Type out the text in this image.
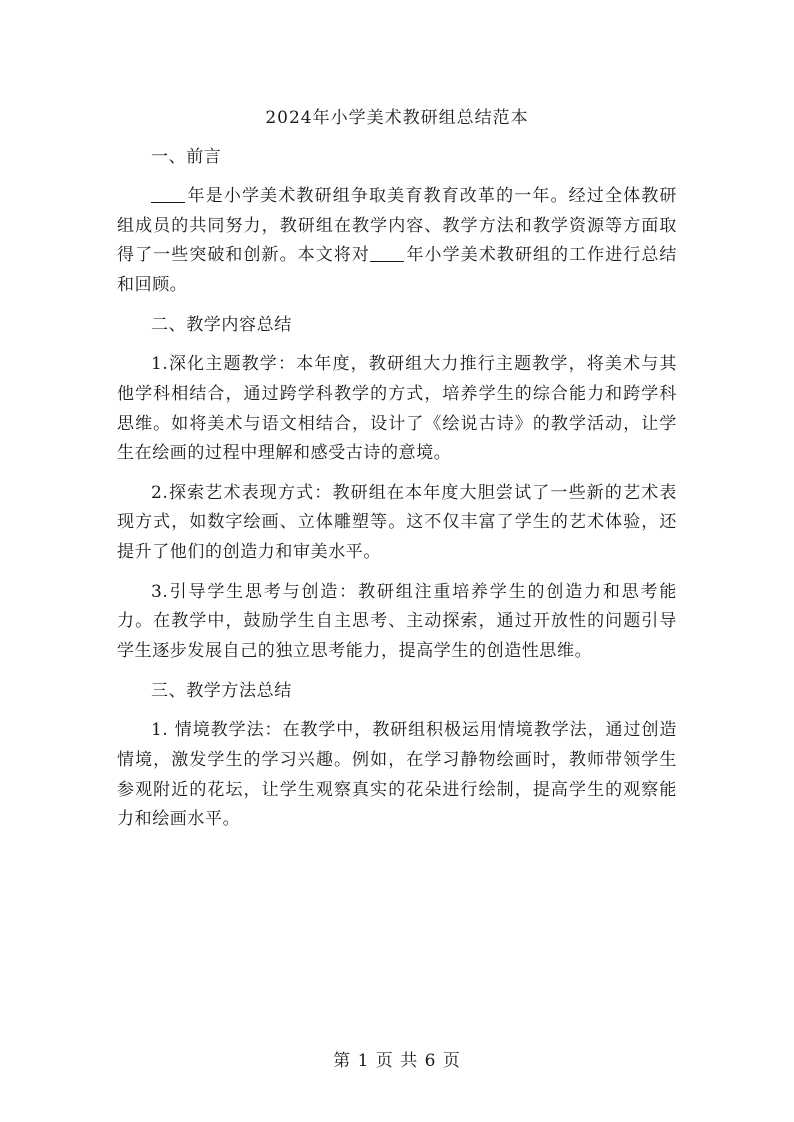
2024年小学美术教研组总结范本

一、前言

年是小学美术教研组争取美育教育改革的一年。经过全体教研组成员的共同努力，教研组在教学内容、教学方法和教学资源等方面取得了一些突破和创新。本文将对 年小学美术教研组的工作进行总结和回顾。

二、教学内容总结

1.深化主题教学：本年度，教研组大力推行主题教学，将美术与其他学科相结合，通过跨学科教学的方式，培养学生的综合能力和跨学科思维。如将美术与语文相结合，设计了《绘说古诗》的教学活动，让学生在绘画的过程中理解和感受古诗的意境。

2.探索艺术表现方式：教研组在本年度大胆尝试了一些新的艺术表现方式，如数字绘画、立体雕塑等。这不仅丰富了学生的艺术体验，还提升了他们的创造力和审美水平。

3.引导学生思考与创造：教研组注重培养学生的创造力和思考能力。在教学中，鼓励学生自主思考、主动探索，通过开放性的问题引导学生逐步发展自己的独立思考能力，提高学生的创造性思维。

三、教学方法总结

1. 情境教学法：在教学中，教研组积极运用情境教学法，通过创造情境，激发学生的学习兴趣。例如，在学习静物绘画时，教师带领学生参观附近的花坛，让学生观察真实的花朵进行绘制，提高学生的观察能力和绘画水平。

第 1 页 共 6 页
